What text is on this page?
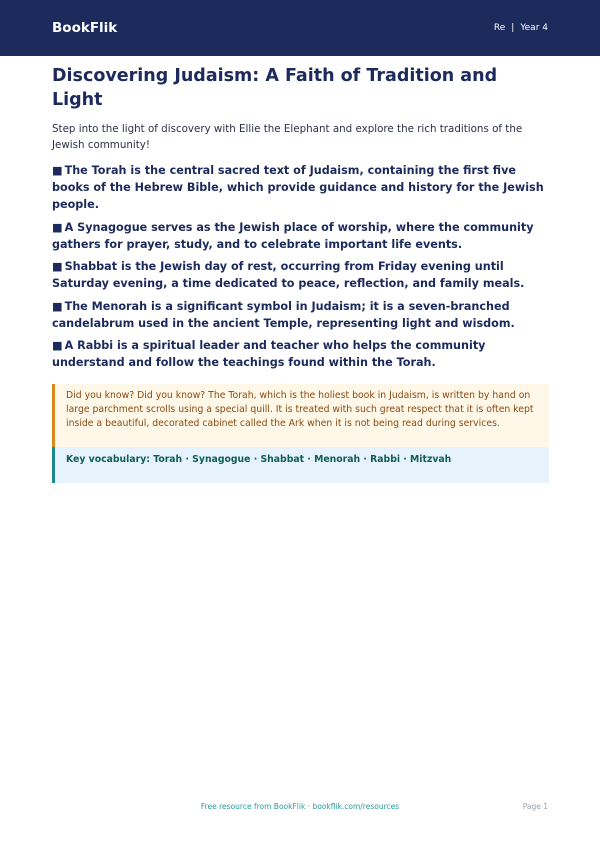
BookFlik	Re | Year 4
Discovering Judaism: A Faith of Tradition and Light

Step into the light of discovery with Ellie the Elephant and explore the rich traditions of the Jewish community!

■ The Torah is the central sacred text of Judaism, containing the first five books of the Hebrew Bible, which provide guidance and history for the Jewish people.
■ A Synagogue serves as the Jewish place of worship, where the community gathers for prayer, study, and to celebrate important life events.
■ Shabbat is the Jewish day of rest, occurring from Friday evening until Saturday evening, a time dedicated to peace, reflection, and family meals.
■ The Menorah is a significant symbol in Judaism; it is a seven-branched candelabrum used in the ancient Temple, representing light and wisdom.
■ A Rabbi is a spiritual leader and teacher who helps the community understand and follow the teachings found within the Torah.
Did you know? Did you know? The Torah, which is the holiest book in Judaism, is written by hand on large parchment scrolls using a special quill. It is treated with such great respect that it is often kept inside a beautiful, decorated cabinet called the Ark when it is not being read during services.
Key vocabulary: Torah · Synagogue · Shabbat · Menorah · Rabbi · Mitzvah
Free resource from BookFlik · bookflik.com/resources	Page 1
